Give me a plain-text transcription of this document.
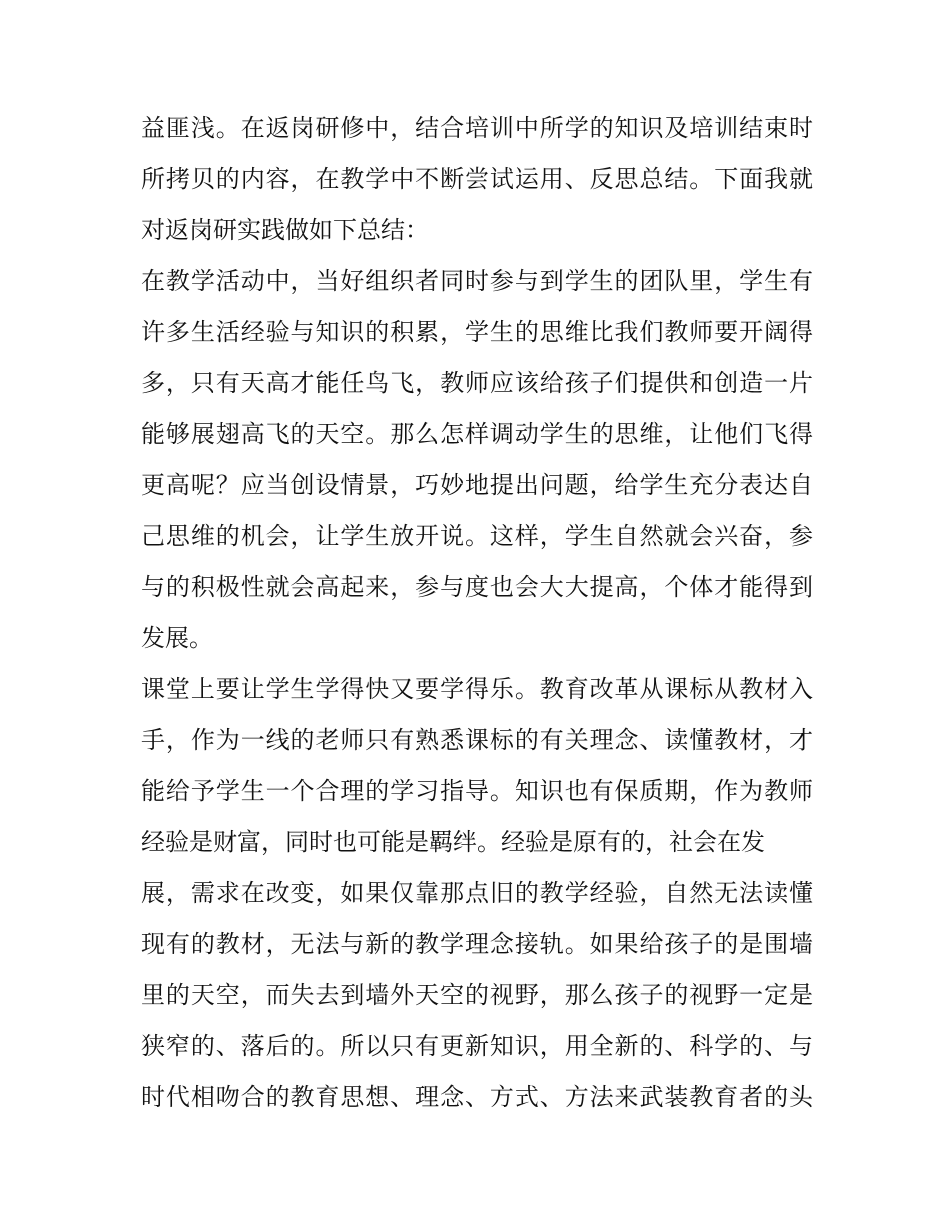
益匪浅。在返岗研修中，结合培训中所学的知识及培训结束时
所拷贝的内容，在教学中不断尝试运用、反思总结。下面我就
对返岗研实践做如下总结：
在教学活动中，当好组织者同时参与到学生的团队里，学生有
许多生活经验与知识的积累，学生的思维比我们教师要开阔得
多，只有天高才能任鸟飞，教师应该给孩子们提供和创造一片
能够展翅高飞的天空。那么怎样调动学生的思维，让他们飞得
更高呢？应当创设情景，巧妙地提出问题，给学生充分表达自
己思维的机会，让学生放开说。这样，学生自然就会兴奋，参
与的积极性就会高起来，参与度也会大大提高，个体才能得到
发展。
课堂上要让学生学得快又要学得乐。教育改革从课标从教材入
手，作为一线的老师只有熟悉课标的有关理念、读懂教材，才
能给予学生一个合理的学习指导。知识也有保质期，作为教师
经验是财富，同时也可能是羁绊。经验是原有的，社会在发
展，需求在改变，如果仅靠那点旧的教学经验，自然无法读懂
现有的教材，无法与新的教学理念接轨。如果给孩子的是围墙
里的天空，而失去到墙外天空的视野，那么孩子的视野一定是
狭窄的、落后的。所以只有更新知识，用全新的、科学的、与
时代相吻合的教育思想、理念、方式、方法来武装教育者的头
